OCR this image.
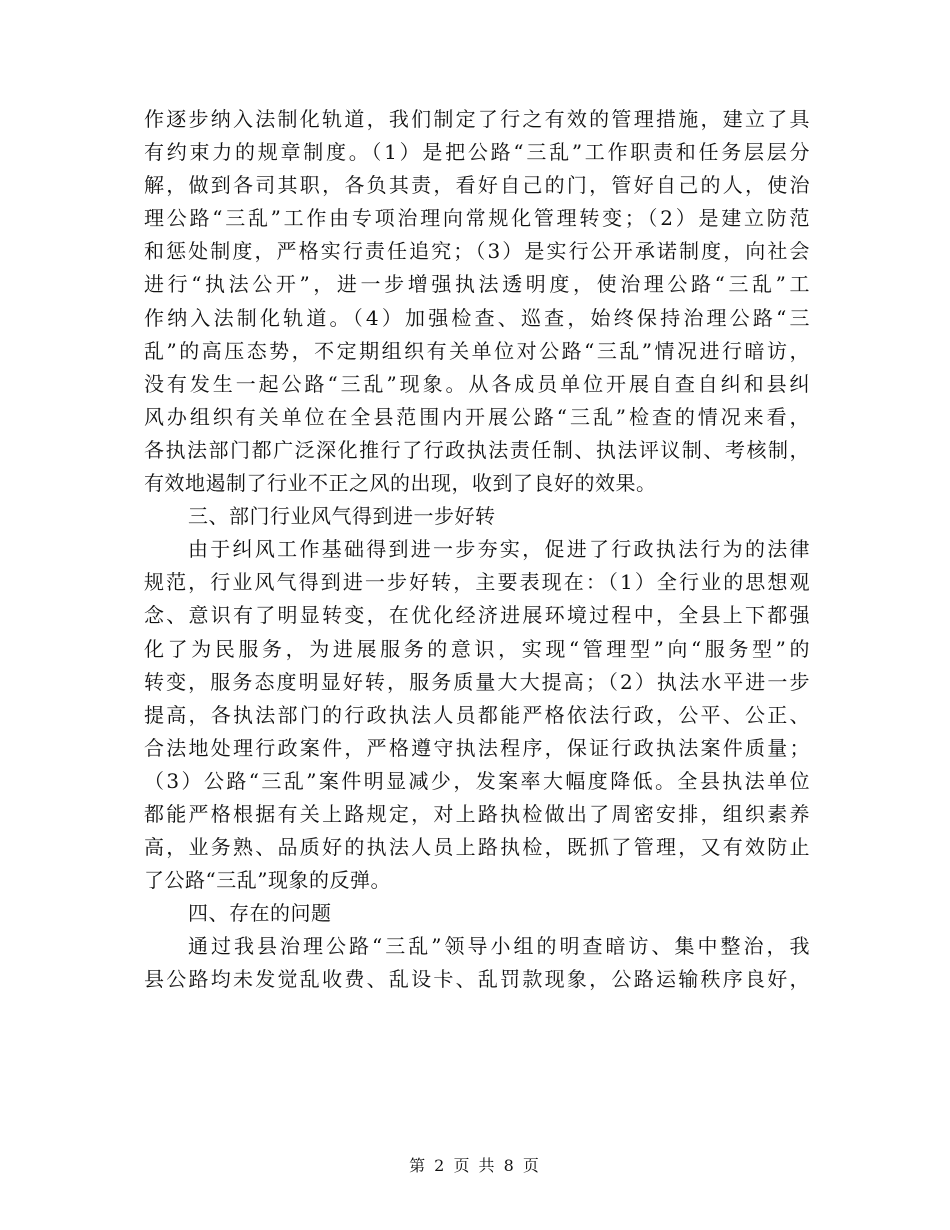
作逐步纳入法制化轨道，我们制定了行之有效的管理措施，建立了具
有约束力的规章制度。（1）是把公路“三乱”工作职责和任务层层分
解，做到各司其职，各负其责，看好自己的门，管好自己的人，使治
理公路“三乱”工作由专项治理向常规化管理转变；（2）是建立防范
和惩处制度，严格实行责任追究；（3）是实行公开承诺制度，向社会
进行“执法公开”，进一步增强执法透明度，使治理公路“三乱”工
作纳入法制化轨道。（4）加强检查、巡查，始终保持治理公路“三
乱”的高压态势，不定期组织有关单位对公路“三乱”情况进行暗访，
没有发生一起公路“三乱”现象。从各成员单位开展自查自纠和县纠
风办组织有关单位在全县范围内开展公路“三乱”检查的情况来看，
各执法部门都广泛深化推行了行政执法责任制、执法评议制、考核制，
有效地遏制了行业不正之风的出现，收到了良好的效果。
三、部门行业风气得到进一步好转
由于纠风工作基础得到进一步夯实，促进了行政执法行为的法律
规范，行业风气得到进一步好转，主要表现在：（1）全行业的思想观
念、意识有了明显转变，在优化经济进展环境过程中，全县上下都强
化了为民服务，为进展服务的意识，实现“管理型”向“服务型”的
转变，服务态度明显好转，服务质量大大提高；（2）执法水平进一步
提高，各执法部门的行政执法人员都能严格依法行政，公平、公正、
合法地处理行政案件，严格遵守执法程序，保证行政执法案件质量；
（3）公路“三乱”案件明显减少，发案率大幅度降低。全县执法单位
都能严格根据有关上路规定，对上路执检做出了周密安排，组织素养
高，业务熟、品质好的执法人员上路执检，既抓了管理，又有效防止
了公路“三乱”现象的反弹。
四、存在的问题
通过我县治理公路“三乱”领导小组的明查暗访、集中整治，我
县公路均未发觉乱收费、乱设卡、乱罚款现象，公路运输秩序良好，
第 2 页 共 8 页
